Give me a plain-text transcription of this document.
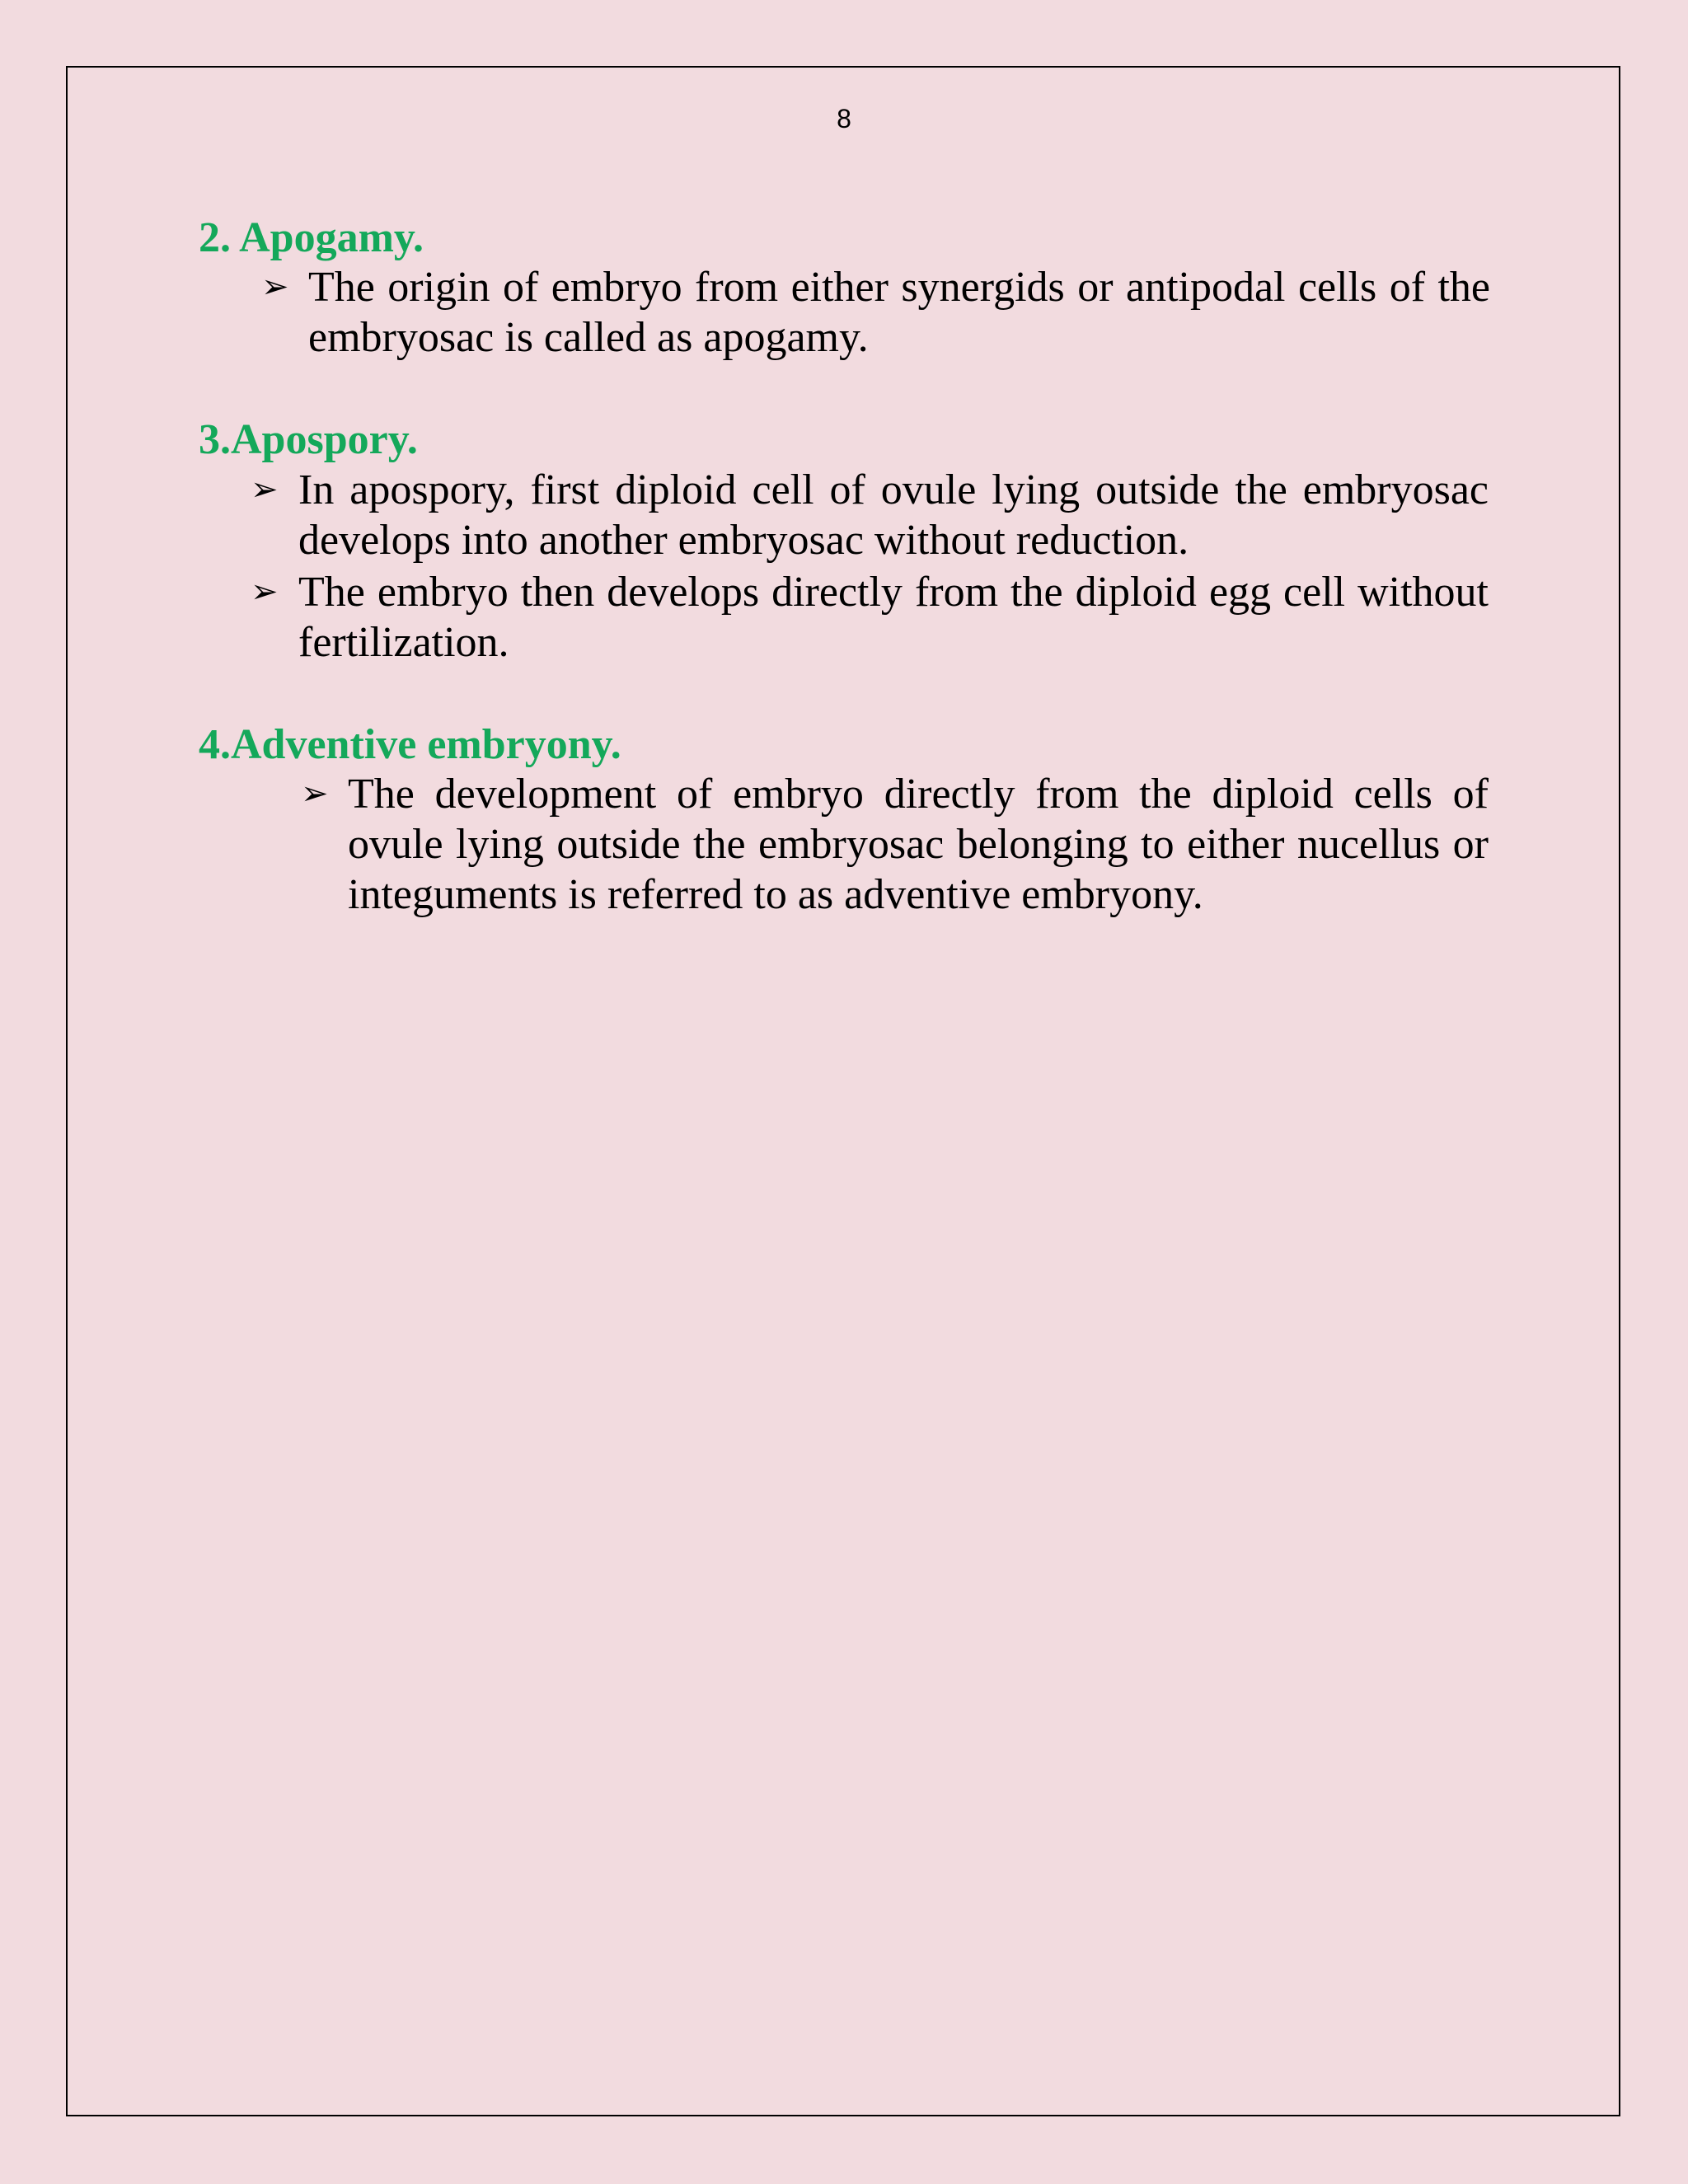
8
2. Apogamy.
➢ The origin of embryo from either synergids or antipodal cells of the embryosac is called as apogamy.
3.Apospory.
➢ In apospory, first diploid cell of ovule lying outside the embryosac develops into another embryosac without reduction.
➢ The embryo then develops directly from the diploid egg cell without fertilization.
4.Adventive embryony.
➢ The development of embryo directly from the diploid cells of ovule lying outside the embryosac belonging to either nucellus or integuments is referred to as adventive embryony.
